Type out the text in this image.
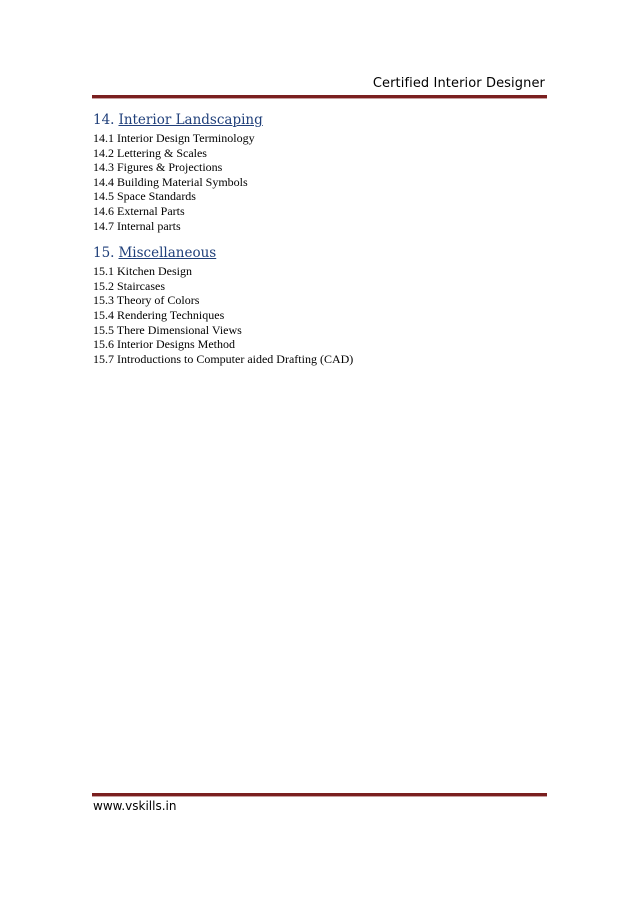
Certified Interior Designer
14. Interior Landscaping
14.1 Interior Design Terminology
14.2 Lettering & Scales
14.3 Figures & Projections
14.4 Building Material Symbols
14.5 Space Standards
14.6 External Parts
14.7 Internal parts
15. Miscellaneous
15.1 Kitchen Design
15.2 Staircases
15.3 Theory of Colors
15.4 Rendering Techniques
15.5 There Dimensional Views
15.6 Interior Designs Method
15.7 Introductions to Computer aided Drafting (CAD)
www.vskills.in
